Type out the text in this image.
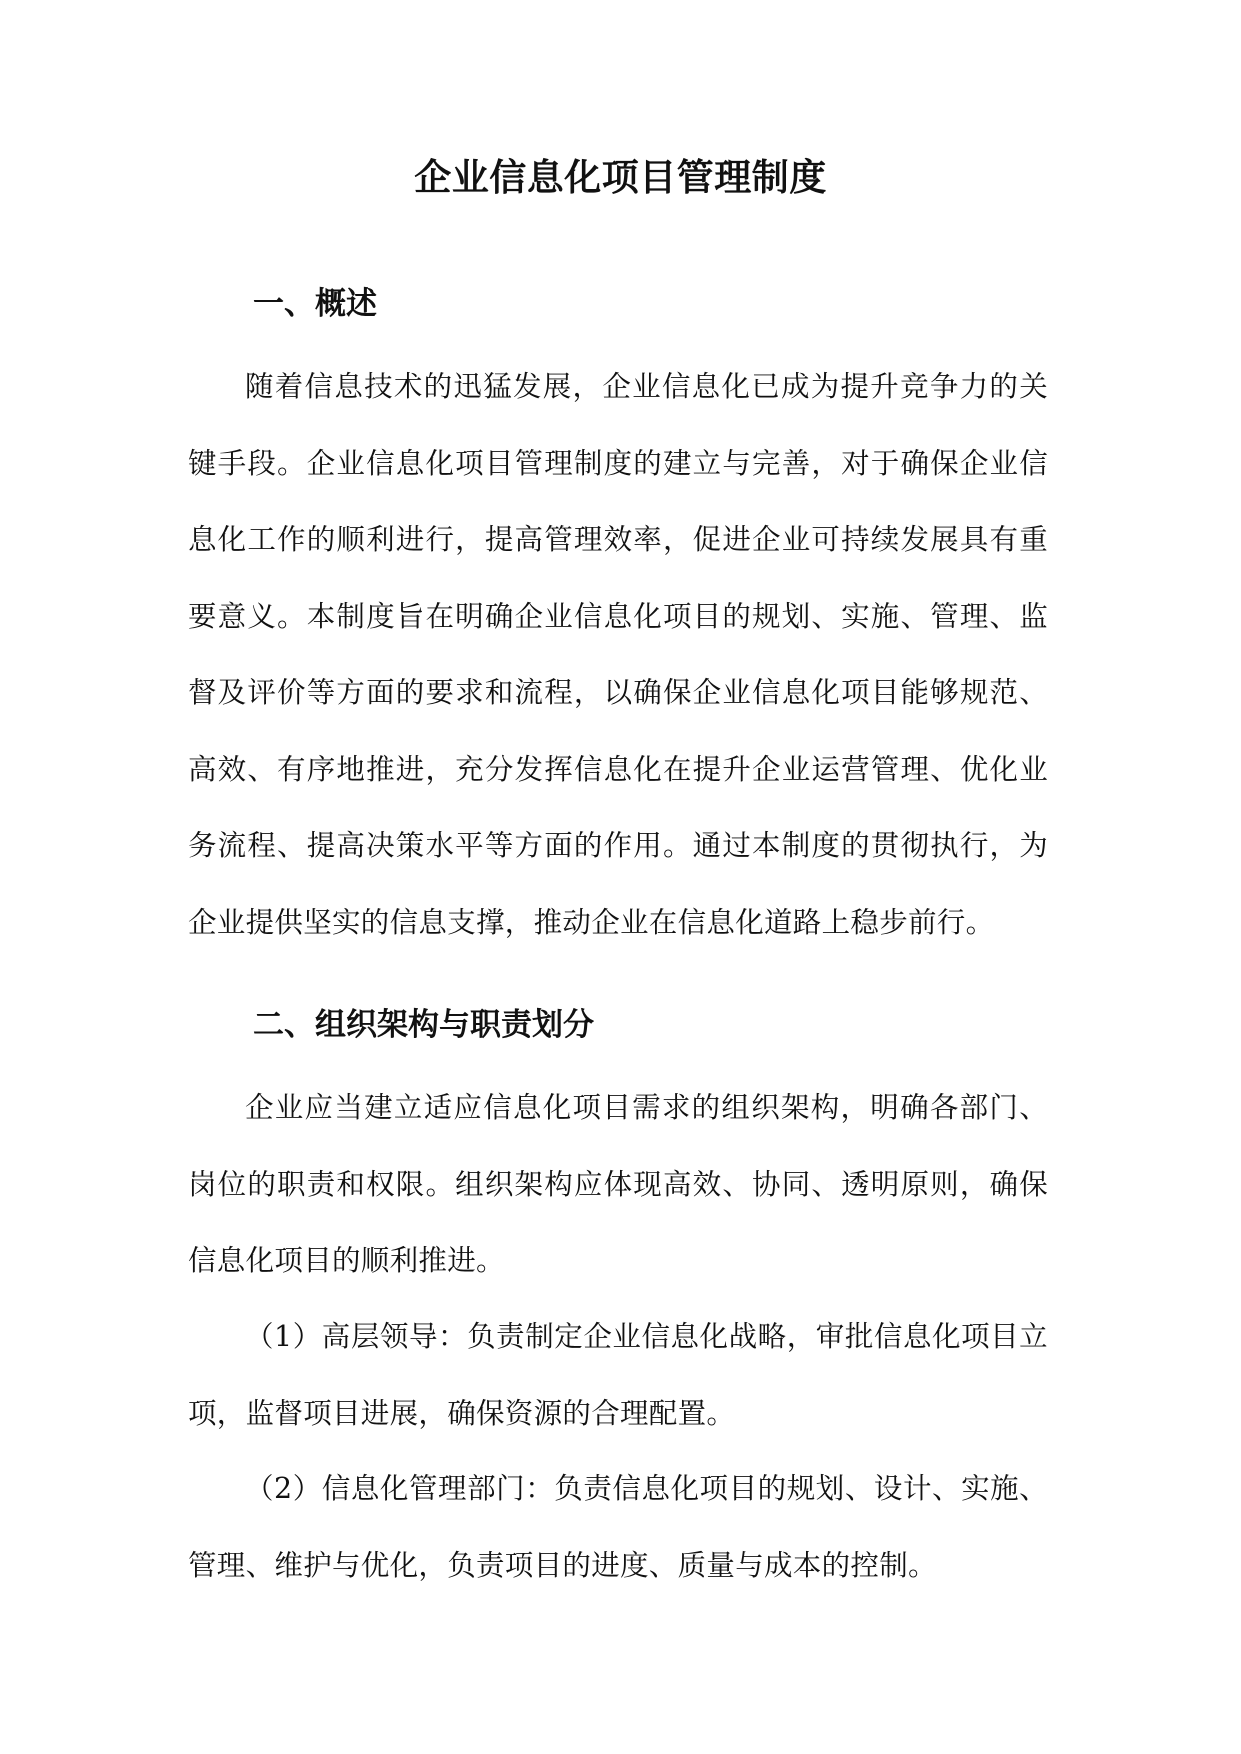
企业信息化项目管理制度
一、概述

随着信息技术的迅猛发展，企业信息化已成为提升竞争力的关键手段。企业信息化项目管理制度的建立与完善，对于确保企业信息化工作的顺利进行，提高管理效率，促进企业可持续发展具有重要意义。本制度旨在明确企业信息化项目的规划、实施、管理、监督及评价等方面的要求和流程，以确保企业信息化项目能够规范、高效、有序地推进，充分发挥信息化在提升企业运营管理、优化业务流程、提高决策水平等方面的作用。通过本制度的贯彻执行，为企业提供坚实的信息支撑，推动企业在信息化道路上稳步前行。

二、组织架构与职责划分

企业应当建立适应信息化项目需求的组织架构，明确各部门、岗位的职责和权限。组织架构应体现高效、协同、透明原则，确保信息化项目的顺利推进。

（1）高层领导：负责制定企业信息化战略，审批信息化项目立项，监督项目进展，确保资源的合理配置。

（2）信息化管理部门：负责信息化项目的规划、设计、实施、管理、维护与优化，负责项目的进度、质量与成本的控制。
